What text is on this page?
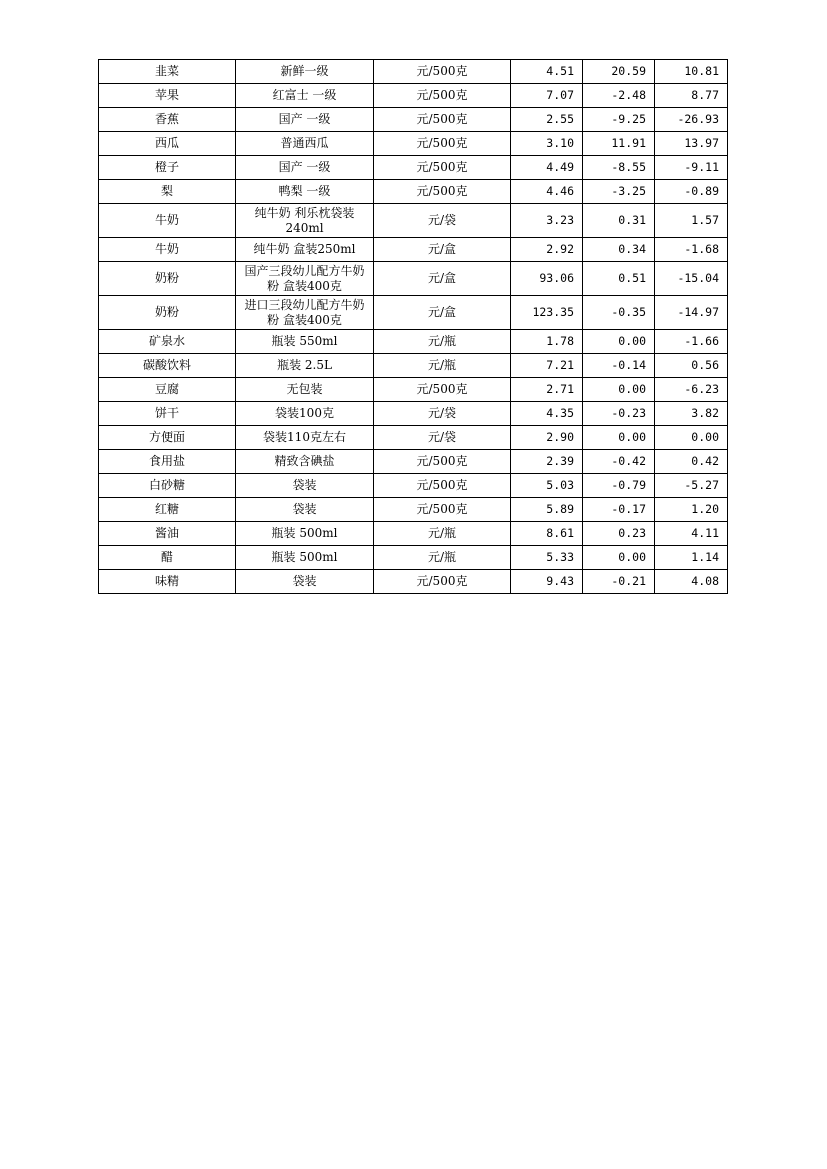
韭菜	新鲜一级	元/500克	4.51	20.59	10.81
苹果	红富士 一级	元/500克	7.07	-2.48	8.77
香蕉	国产 一级	元/500克	2.55	-9.25	-26.93
西瓜	普通西瓜	元/500克	3.10	11.91	13.97
橙子	国产 一级	元/500克	4.49	-8.55	-9.11
梨	鸭梨 一级	元/500克	4.46	-3.25	-0.89
牛奶	纯牛奶 利乐枕袋装240ml	元/袋	3.23	0.31	1.57
牛奶	纯牛奶 盒装250ml	元/盒	2.92	0.34	-1.68
奶粉	国产三段幼儿配方牛奶粉 盒装400克	元/盒	93.06	0.51	-15.04
奶粉	进口三段幼儿配方牛奶粉 盒装400克	元/盒	123.35	-0.35	-14.97
矿泉水	瓶装 550ml	元/瓶	1.78	0.00	-1.66
碳酸饮料	瓶装 2.5L	元/瓶	7.21	-0.14	0.56
豆腐	无包装	元/500克	2.71	0.00	-6.23
饼干	袋装100克	元/袋	4.35	-0.23	3.82
方便面	袋装110克左右	元/袋	2.90	0.00	0.00
食用盐	精致含碘盐	元/500克	2.39	-0.42	0.42
白砂糖	袋装	元/500克	5.03	-0.79	-5.27
红糖	袋装	元/500克	5.89	-0.17	1.20
酱油	瓶装 500ml	元/瓶	8.61	0.23	4.11
醋	瓶装 500ml	元/瓶	5.33	0.00	1.14
味精	袋装	元/500克	9.43	-0.21	4.08
